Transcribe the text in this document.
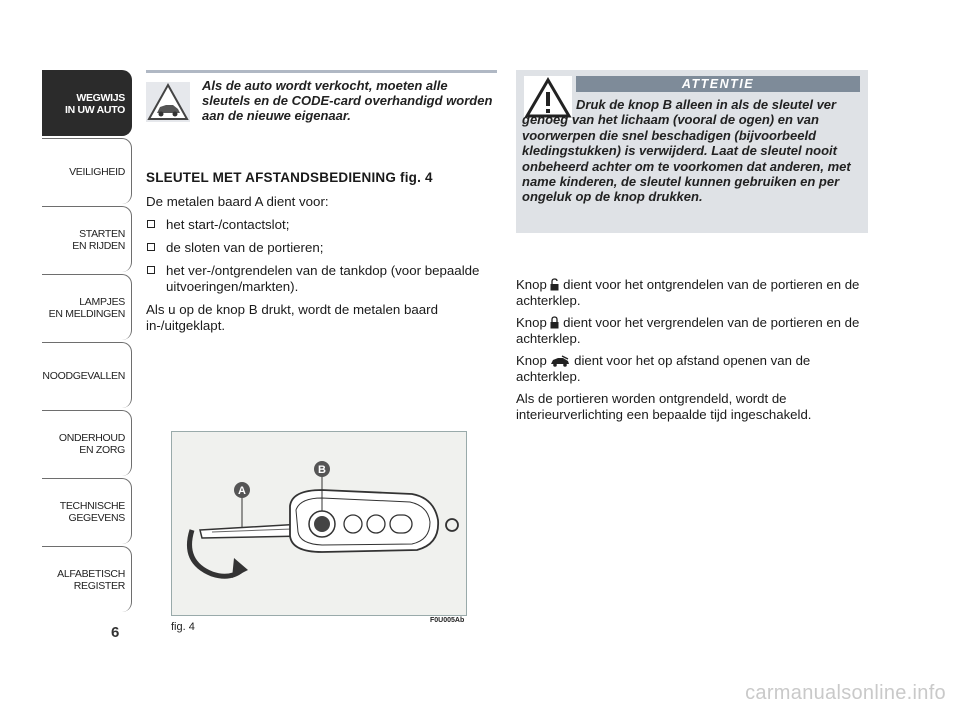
WEGWIJS
IN UW AUTO
VEILIGHEID
STARTEN
EN RIJDEN
LAMPJES
EN MELDINGEN
NOODGEVALLEN
ONDERHOUD
EN ZORG
TECHNISCHE
GEGEVENS
ALFABETISCH
REGISTER
6
Als de auto wordt verkocht, moeten alle sleutels en de CODE-card overhandigd worden aan de nieuwe eigenaar.
SLEUTEL MET AFSTANDSBEDIENING fig. 4

De metalen baard A dient voor:

het start-/contactslot;
de sloten van de portieren;
het ver-/ontgrendelen van de tankdop (voor bepaalde uitvoeringen/markten).

Als u op de knop B drukt, wordt de metalen baard in-/uitgeklapt.

A
B
fig. 4
F0U005Ab
ATTENTIE
Druk de knop B alleen in als de sleutel ver genoeg van het lichaam (vooral de ogen) en van voorwerpen die snel beschadigen (bijvoorbeeld kledingstukken) is verwijderd. Laat de sleutel nooit onbeheerd achter om te voorkomen dat anderen, met name kinderen, de sleutel kunnen gebruiken en per ongeluk op de knop drukken.

Knop dient voor het ontgrendelen van de portieren en de achterklep.

Knop dient voor het vergrendelen van de portieren en de achterklep.

Knop dient voor het op afstand openen van de achterklep.

Als de portieren worden ontgrendeld, wordt de interieurverlichting een bepaalde tijd ingeschakeld.

carmanualsonline.info
